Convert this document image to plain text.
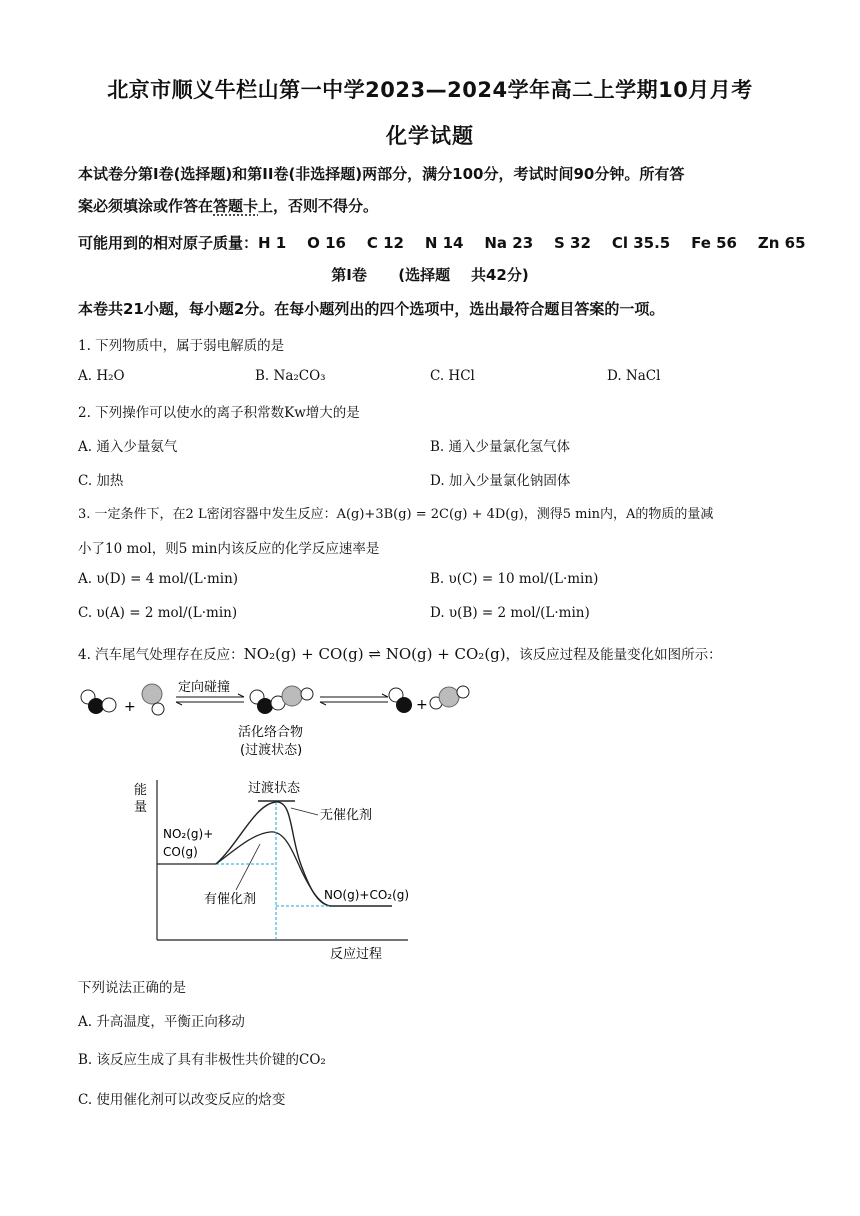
北京市顺义牛栏山第一中学2023—2024学年高二上学期10月月考
化学试题
本试卷分第I卷(选择题)和第II卷(非选择题)两部分，满分100分，考试时间90分钟。所有答
案必须填涂或作答在答题卡上，否则不得分。
可能用到的相对原子质量：H 1    O 16    C 12    N 14    Na 23    S 32    Cl 35.5    Fe 56    Zn 65
第I卷      (选择题    共42分)
本卷共21小题，每小题2分。在每小题列出的四个选项中，选出最符合题目答案的一项。
1. 下列物质中，属于弱电解质的是
A. H₂O	B. Na₂CO₃	C. HCl	D. NaCl
2. 下列操作可以使水的离子积常数Kw增大的是
A. 通入少量氨气	B. 通入少量氯化氢气体
C. 加热	D. 加入少量氯化钠固体
3. 一定条件下，在2 L密闭容器中发生反应：A(g)+3B(g) = 2C(g) + 4D(g)，测得5 min内，A的物质的量减
小了10 mol，则5 min内该反应的化学反应速率是
A. υ(D) = 4 mol/(L·min)	B. υ(C) = 10 mol/(L·min)
C. υ(A) = 2 mol/(L·min)	D. υ(B) = 2 mol/(L·min)
4. 汽车尾气处理存在反应：NO₂(g) + CO(g) ⇌ NO(g) + CO₂(g)，该反应过程及能量变化如图所示：
+
定向碰撞
活化络合物
(过渡状态)
+
能
量
反应过程
过渡状态
无催化剂
NO₂(g)+
CO(g)
有催化剂	NO(g)+CO₂(g)
下列说法正确的是
A. 升高温度，平衡正向移动
B. 该反应生成了具有非极性共价键的CO₂
C. 使用催化剂可以改变反应的焓变
